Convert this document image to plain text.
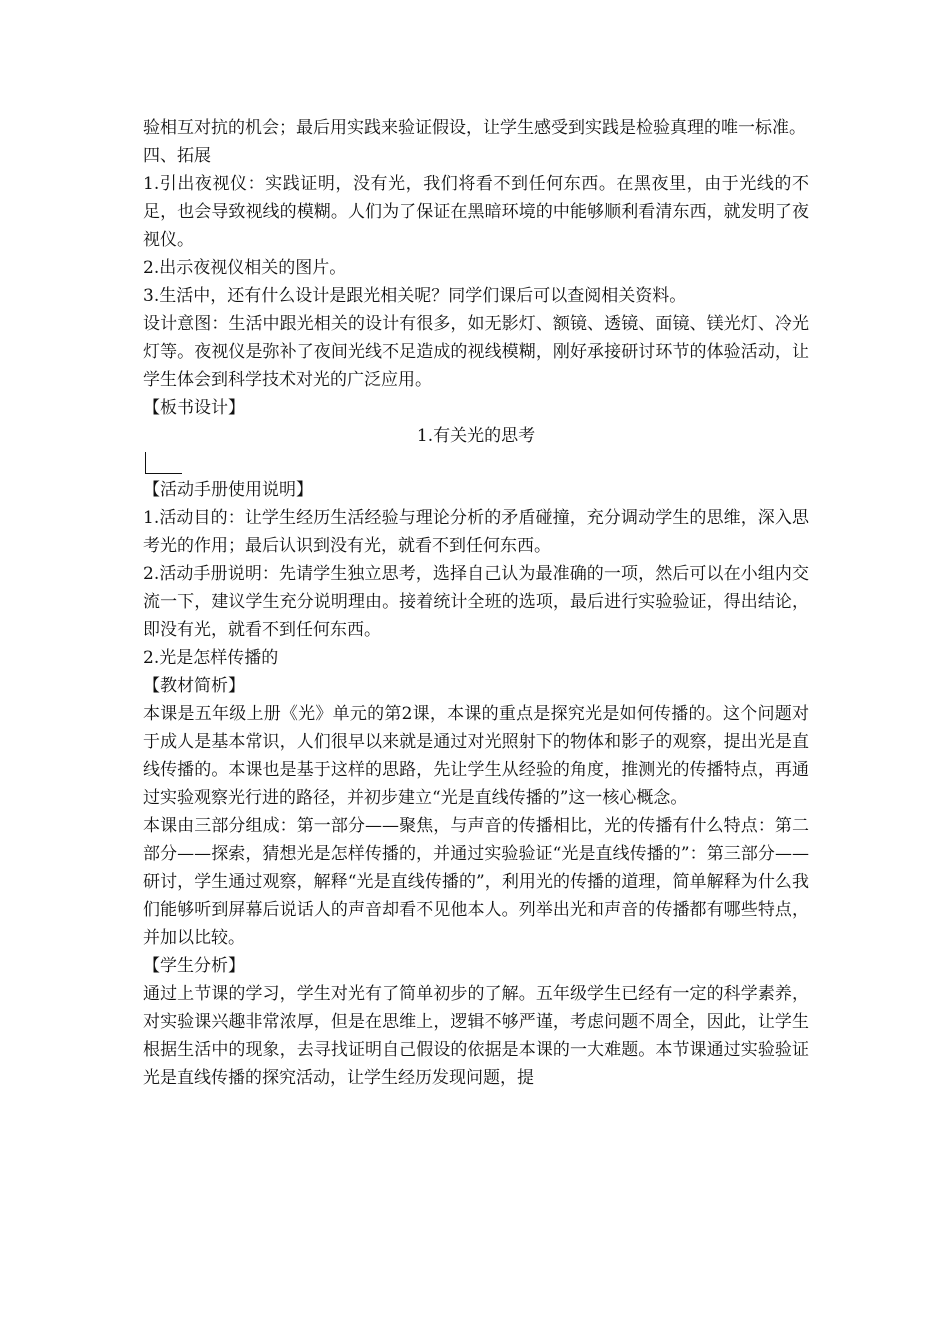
验相互对抗的机会；最后用实践来验证假设，让学生感受到实践是检验真理的唯一标准。

四、拓展

1.引出夜视仪：实践证明，没有光，我们将看不到任何东西。在黑夜里，由于光线的不足，也会导致视线的模糊。人们为了保证在黑暗环境的中能够顺利看清东西，就发明了夜视仪。

2.出示夜视仪相关的图片。

3.生活中，还有什么设计是跟光相关呢？同学们课后可以查阅相关资料。

设计意图：生活中跟光相关的设计有很多，如无影灯、额镜、透镜、面镜、镁光灯、冷光灯等。夜视仪是弥补了夜间光线不足造成的视线模糊，刚好承接研讨环节的体验活动，让学生体会到科学技术对光的广泛应用。

【板书设计】

1.有关光的思考

【活动手册使用说明】

1.活动目的：让学生经历生活经验与理论分析的矛盾碰撞，充分调动学生的思维，深入思考光的作用；最后认识到没有光，就看不到任何东西。

2.活动手册说明：先请学生独立思考，选择自己认为最准确的一项，然后可以在小组内交流一下，建议学生充分说明理由。接着统计全班的选项，最后进行实验验证，得出结论，即没有光，就看不到任何东西。

2.光是怎样传播的

【教材简析】

本课是五年级上册《光》单元的第2课，本课的重点是探究光是如何传播的。这个问题对于成人是基本常识，人们很早以来就是通过对光照射下的物体和影子的观察，提出光是直线传播的。本课也是基于这样的思路，先让学生从经验的角度，推测光的传播特点，再通过实验观察光行进的路径，并初步建立“光是直线传播的”这一核心概念。

本课由三部分组成：第一部分——聚焦，与声音的传播相比，光的传播有什么特点：第二部分——探索，猜想光是怎样传播的，并通过实验验证“光是直线传播的”：第三部分——研讨，学生通过观察，解释“光是直线传播的”，利用光的传播的道理，简单解释为什么我们能够听到屏幕后说话人的声音却看不见他本人。列举出光和声音的传播都有哪些特点，并加以比较。

【学生分析】

通过上节课的学习，学生对光有了简单初步的了解。五年级学生已经有一定的科学素养，对实验课兴趣非常浓厚，但是在思维上，逻辑不够严谨，考虑问题不周全，因此，让学生根据生活中的现象，去寻找证明自己假设的依据是本课的一大难题。本节课通过实验验证光是直线传播的探究活动，让学生经历发现问题，提
